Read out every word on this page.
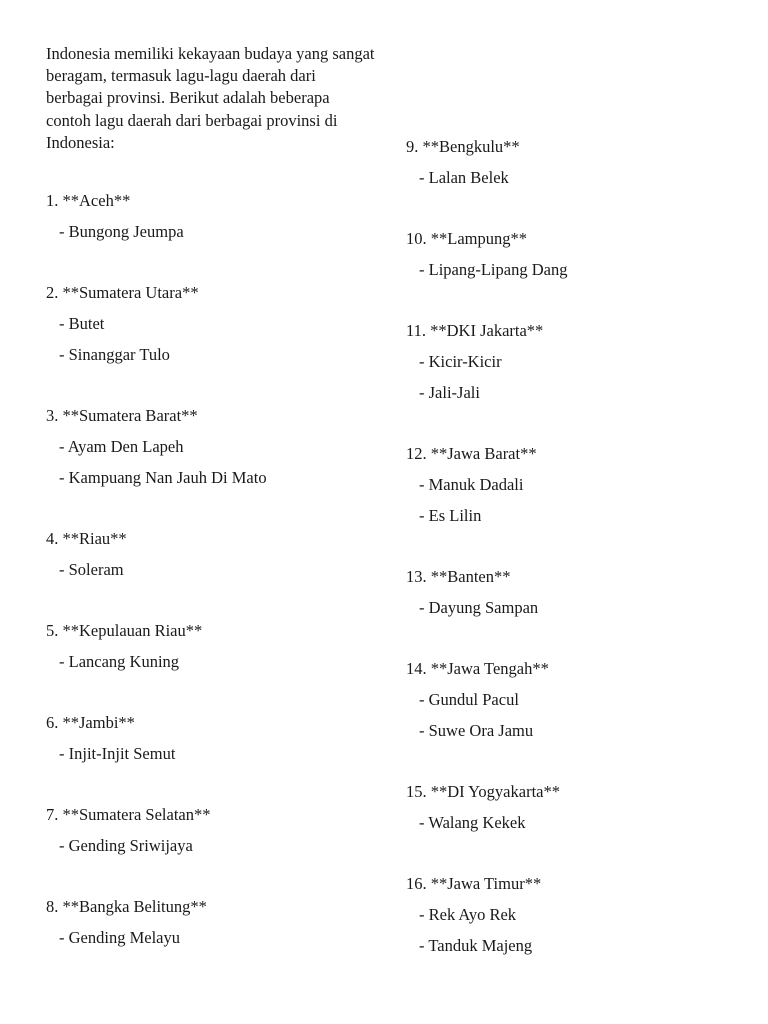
Indonesia memiliki kekayaan budaya yang sangat beragam, termasuk lagu-lagu daerah dari berbagai provinsi. Berikut adalah beberapa contoh lagu daerah dari berbagai provinsi di Indonesia:

1. **Aceh**
- Bungong Jeumpa
2. **Sumatera Utara**
- Butet
- Sinanggar Tulo
3. **Sumatera Barat**
- Ayam Den Lapeh
- Kampuang Nan Jauh Di Mato
4. **Riau**
- Soleram
5. **Kepulauan Riau**
- Lancang Kuning
6. **Jambi**
- Injit-Injit Semut
7. **Sumatera Selatan**
- Gending Sriwijaya
8. **Bangka Belitung**
- Gending Melayu
9. **Bengkulu**
- Lalan Belek
10. **Lampung**
- Lipang-Lipang Dang
11. **DKI Jakarta**
- Kicir-Kicir
- Jali-Jali
12. **Jawa Barat**
- Manuk Dadali
- Es Lilin
13. **Banten**
- Dayung Sampan
14. **Jawa Tengah**
- Gundul Pacul
- Suwe Ora Jamu
15. **DI Yogyakarta**
- Walang Kekek
16. **Jawa Timur**
- Rek Ayo Rek
- Tanduk Majeng
